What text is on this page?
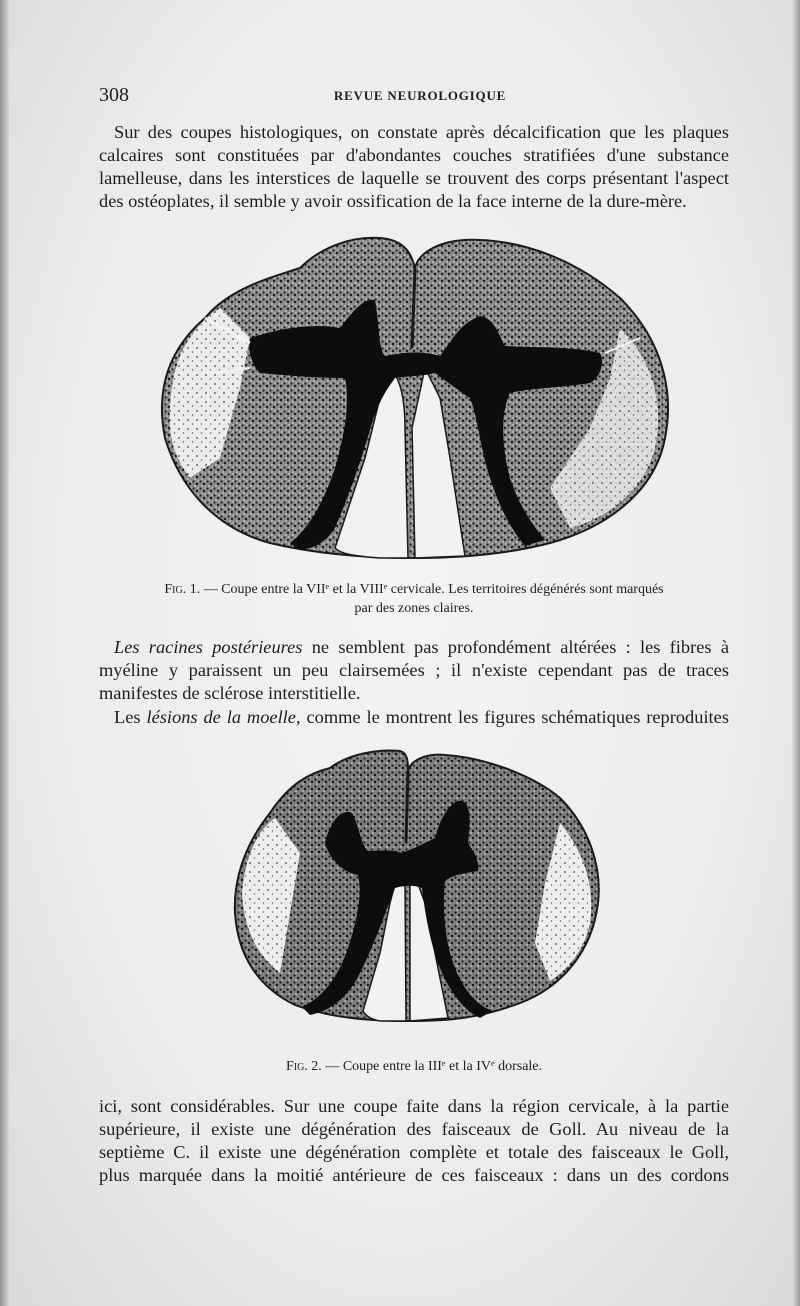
308	REVUE NEUROLOGIQUE
Sur des coupes histologiques, on constate après décalcification que les plaques
calcaires sont constituées par d'abondantes couches stratifiées d'une substance
lamelleuse, dans les interstices de laquelle se trouvent des corps présentant l'aspect
des ostéoplates, il semble y avoir ossification de la face interne de la dure-mère.
Fig. 1. — Coupe entre la VIIᵉ et la VIIIᵉ cervicale. Les territoires dégénérés sont marqués
par des zones claires.
Les racines postérieures ne semblent pas profondément altérées : les fibres à
myéline y paraissent un peu clairsemées ; il n'existe cependant pas de traces
manifestes de sclérose interstitielle.
Les lésions de la moelle, comme le montrent les figures schématiques reproduites
Fig. 2. — Coupe entre la IIIᵉ et la IVᵉ dorsale.
ici, sont considérables. Sur une coupe faite dans la région cervicale, à la partie
supérieure, il existe une dégénération des faisceaux de Goll. Au niveau de la
septième C. il existe une dégénération complète et totale des faisceaux le Goll,
plus marquée dans la moitié antérieure de ces faisceaux : dans un des cordons
